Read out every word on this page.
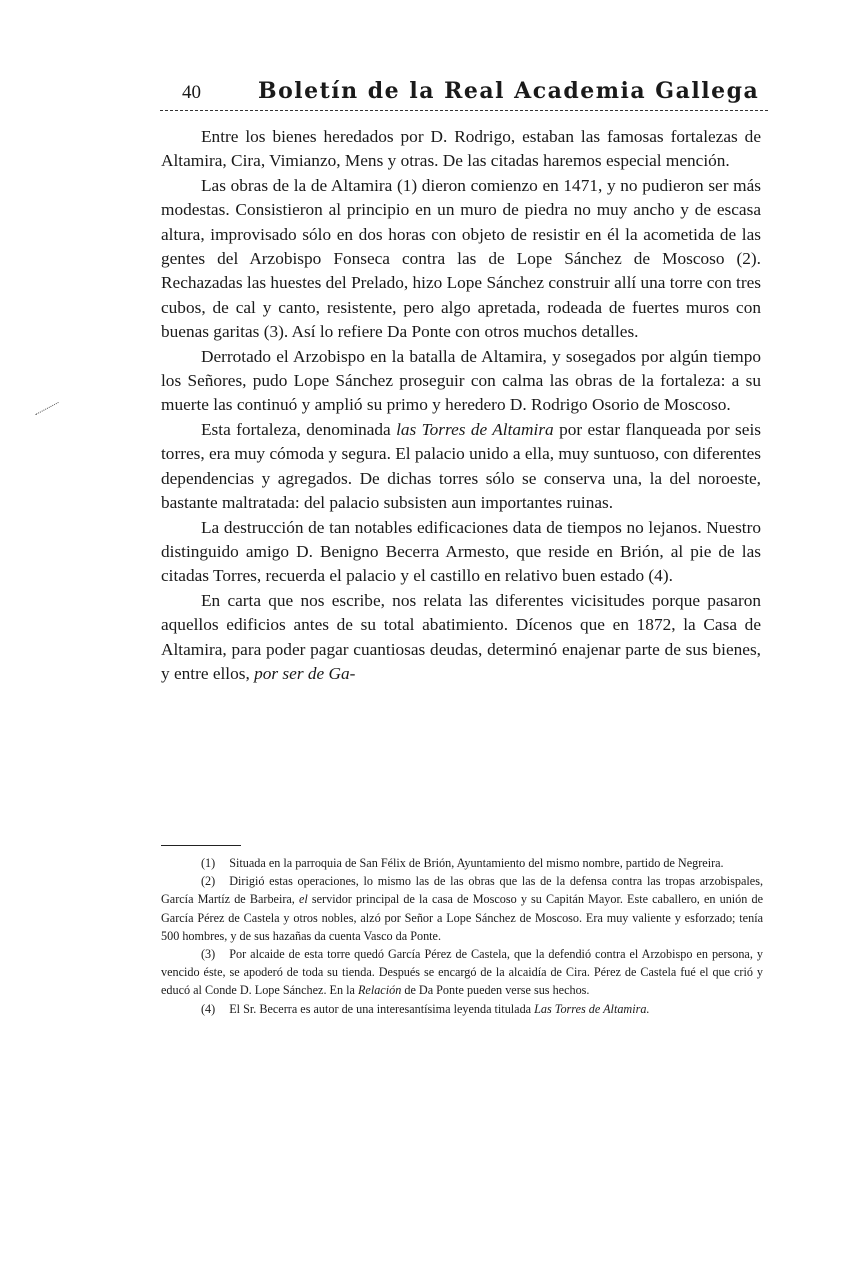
40	Boletín de la Real Academia Gallega

Entre los bienes heredados por D. Rodrigo, estaban las famosas fortalezas de Altamira, Cira, Vimianzo, Mens y otras. De las citadas haremos especial mención.

Las obras de la de Altamira (1) dieron comienzo en 1471, y no pudieron ser más modestas. Consistieron al principio en un muro de piedra no muy ancho y de escasa altura, improvisado sólo en dos horas con objeto de resistir en él la acometida de las gentes del Arzobispo Fonseca contra las de Lope Sánchez de Moscoso (2). Rechazadas las huestes del Prelado, hizo Lope Sánchez construir allí una torre con tres cubos, de cal y canto, resistente, pero algo apretada, rodeada de fuertes muros con buenas garitas (3). Así lo refiere Da Ponte con otros muchos detalles.

Derrotado el Arzobispo en la batalla de Altamira, y sosegados por algún tiempo los Señores, pudo Lope Sánchez proseguir con calma las obras de la fortaleza: a su muerte las continuó y amplió su primo y heredero D. Rodrigo Osorio de Moscoso.

Esta fortaleza, denominada las Torres de Altamira por estar flanqueada por seis torres, era muy cómoda y segura. El palacio unido a ella, muy suntuoso, con diferentes dependencias y agregados. De dichas torres sólo se conserva una, la del noroeste, bastante maltratada: del palacio subsisten aun importantes ruinas.

La destrucción de tan notables edificaciones data de tiempos no lejanos. Nuestro distinguido amigo D. Benigno Becerra Armesto, que reside en Brión, al pie de las citadas Torres, recuerda el palacio y el castillo en relativo buen estado (4).

En carta que nos escribe, nos relata las diferentes vicisitudes porque pasaron aquellos edificios antes de su total abatimiento. Dícenos que en 1872, la Casa de Altamira, para poder pagar cuantiosas deudas, determinó enajenar parte de sus bienes, y entre ellos, por ser de Ga-

(1) Situada en la parroquia de San Félix de Brión, Ayuntamiento del mismo nombre, partido de Negreira.

(2) Dirigió estas operaciones, lo mismo las de las obras que las de la defensa contra las tropas arzobispales, García Martíz de Barbeira, el servidor principal de la casa de Moscoso y su Capitán Mayor. Este caballero, en unión de García Pérez de Castela y otros nobles, alzó por Señor a Lope Sánchez de Moscoso. Era muy valiente y esforzado; tenía 500 hombres, y de sus hazañas da cuenta Vasco da Ponte.

(3) Por alcaide de esta torre quedó García Pérez de Castela, que la defendió contra el Arzobispo en persona, y vencido éste, se apoderó de toda su tienda. Después se encargó de la alcaidía de Cira. Pérez de Castela fué el que crió y educó al Conde D. Lope Sánchez. En la Relación de Da Ponte pueden verse sus hechos.

(4) El Sr. Becerra es autor de una interesantísima leyenda titulada Las Torres de Altamira.
